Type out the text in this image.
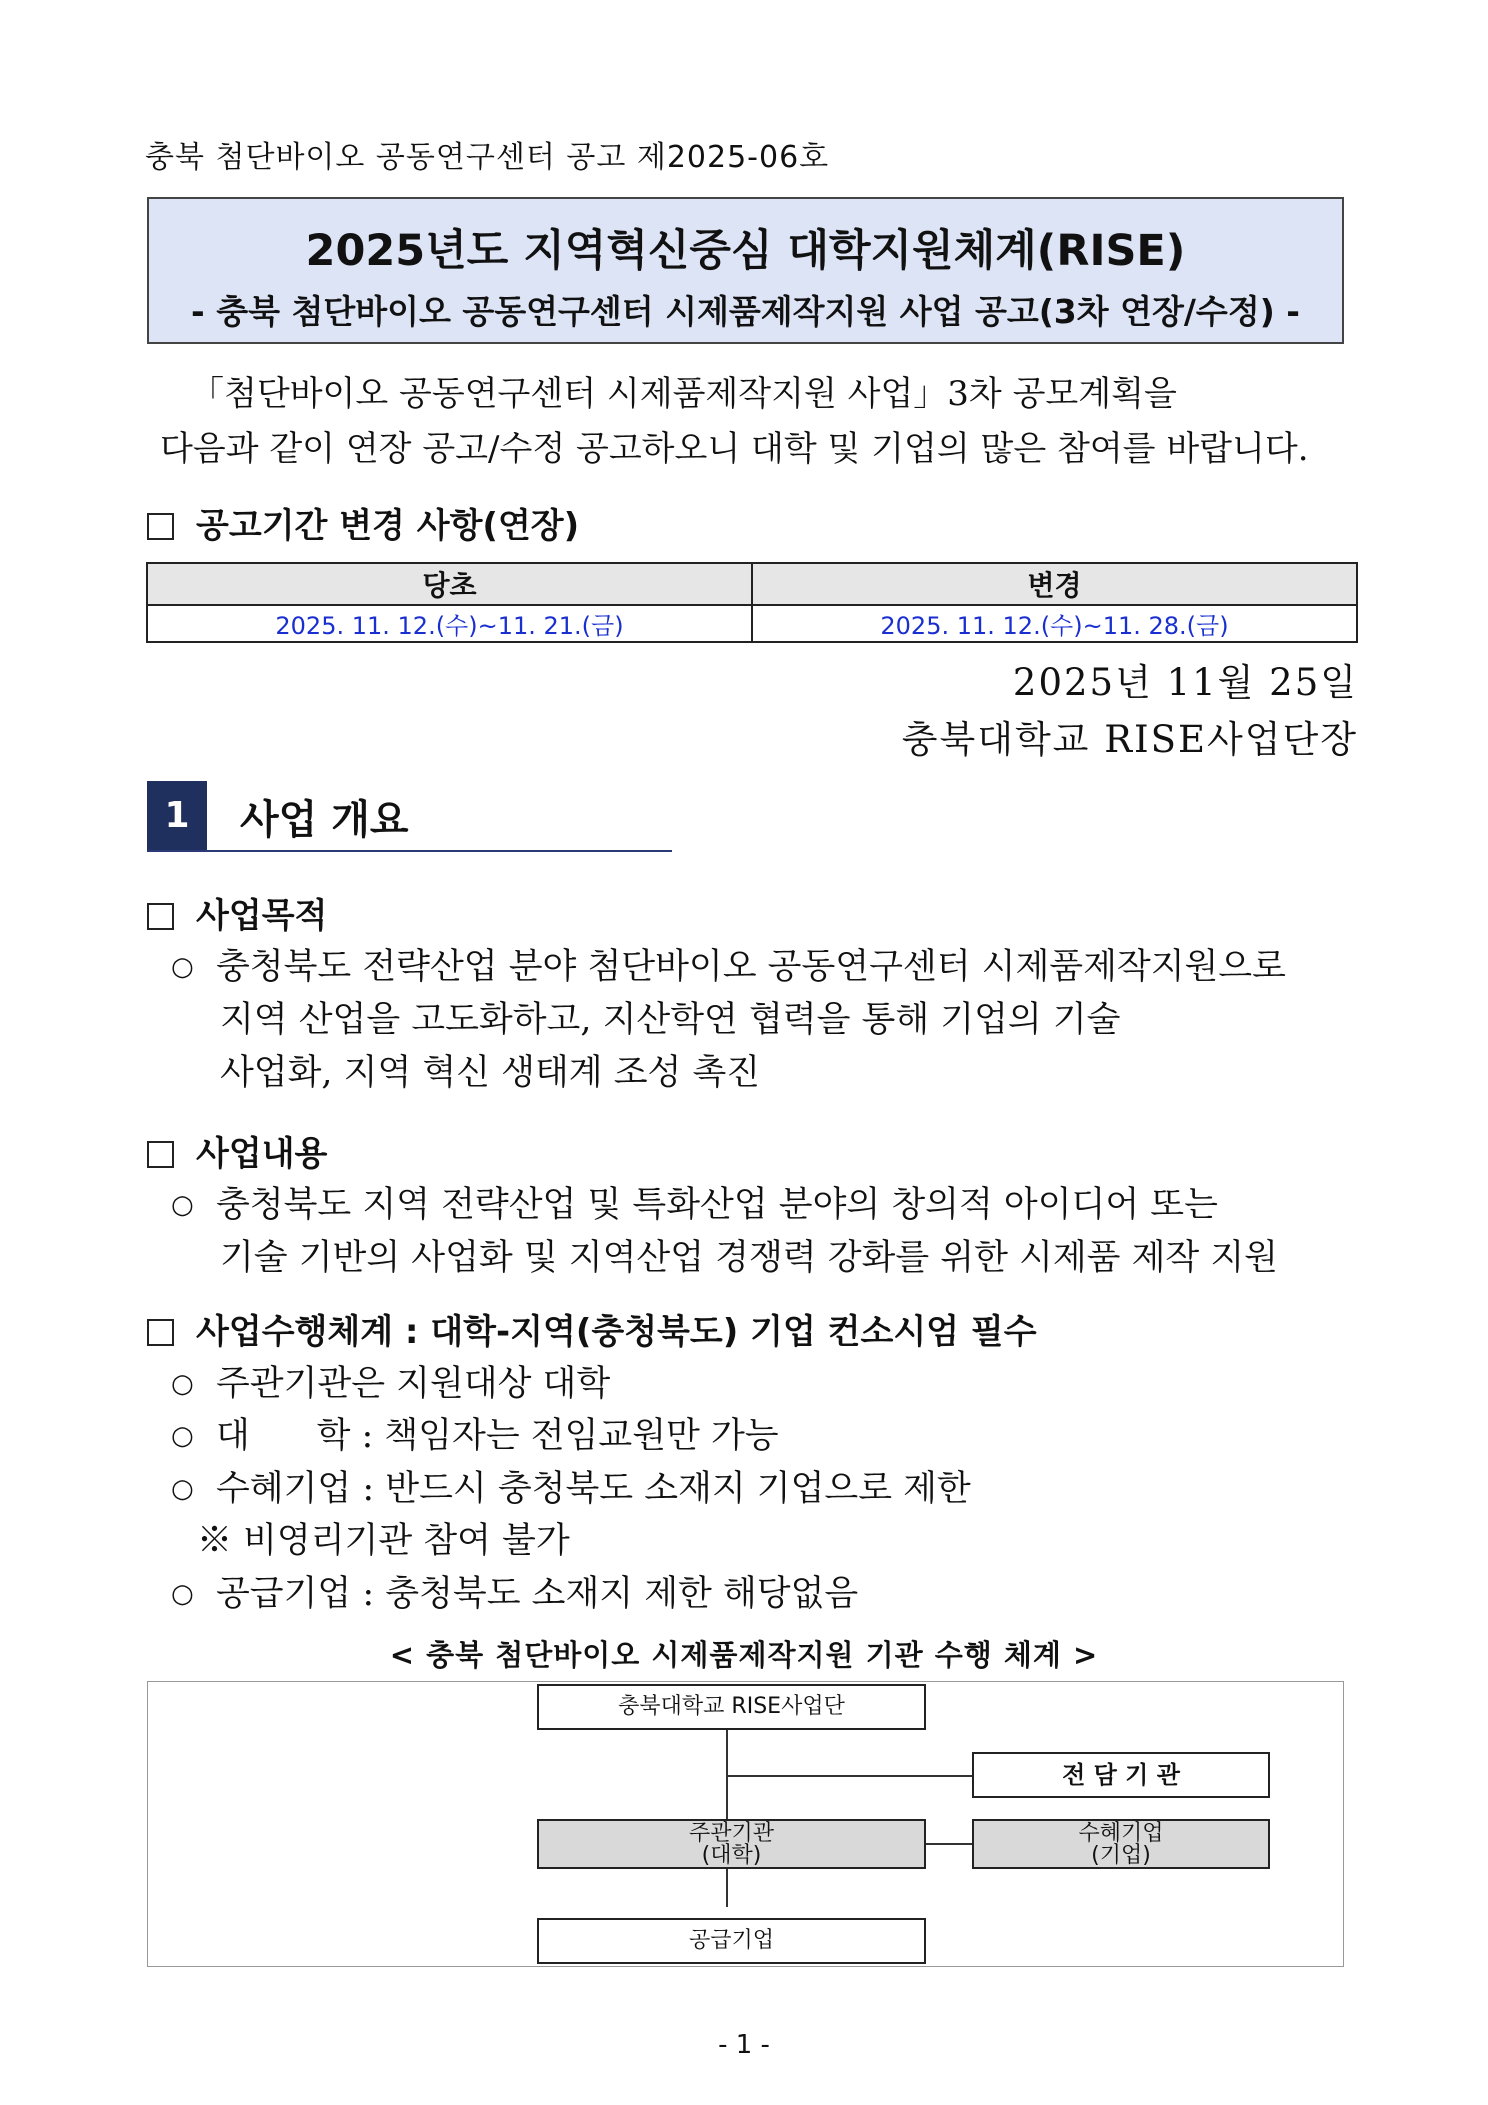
충북 첨단바이오 공동연구센터 공고 제2025-06호
2025년도 지역혁신중심 대학지원체계(RISE)
- 충북 첨단바이오 공동연구센터 시제품제작지원 사업 공고(3차 연장/수정) -
「첨단바이오 공동연구센터 시제품제작지원 사업」3차 공모계획을
다음과 같이 연장 공고/수정 공고하오니 대학 및 기업의 많은 참여를 바랍니다.
공고기간 변경 사항(연장)
당초	변경
2025. 11. 12.(수)~11. 21.(금)	2025. 11. 12.(수)~11. 28.(금)
2025년 11월 25일
충북대학교 RISE사업단장
1	사업 개요
사업목적
○ 충청북도 전략산업 분야 첨단바이오 공동연구센터 시제품제작지원으로
지역 산업을 고도화하고, 지산학연 협력을 통해 기업의 기술
사업화, 지역 혁신 생태계 조성 촉진
사업내용
○ 충청북도 지역 전략산업 및 특화산업 분야의 창의적 아이디어 또는
기술 기반의 사업화 및 지역산업 경쟁력 강화를 위한 시제품 제작 지원
사업수행체계 : 대학-지역(충청북도) 기업 컨소시엄 필수
○ 주관기관은 지원대상 대학
○ 대      학 : 책임자는 전임교원만 가능
○ 수혜기업 : 반드시 충청북도 소재지 기업으로 제한
※ 비영리기관 참여 불가
○ 공급기업 : 충청북도 소재지 제한 해당없음
< 충북 첨단바이오 시제품제작지원 기관 수행 체계 >
충북대학교 RISE사업단
전 담 기 관
주관기관
(대학)
수혜기업
(기업)
공급기업
- 1 -
